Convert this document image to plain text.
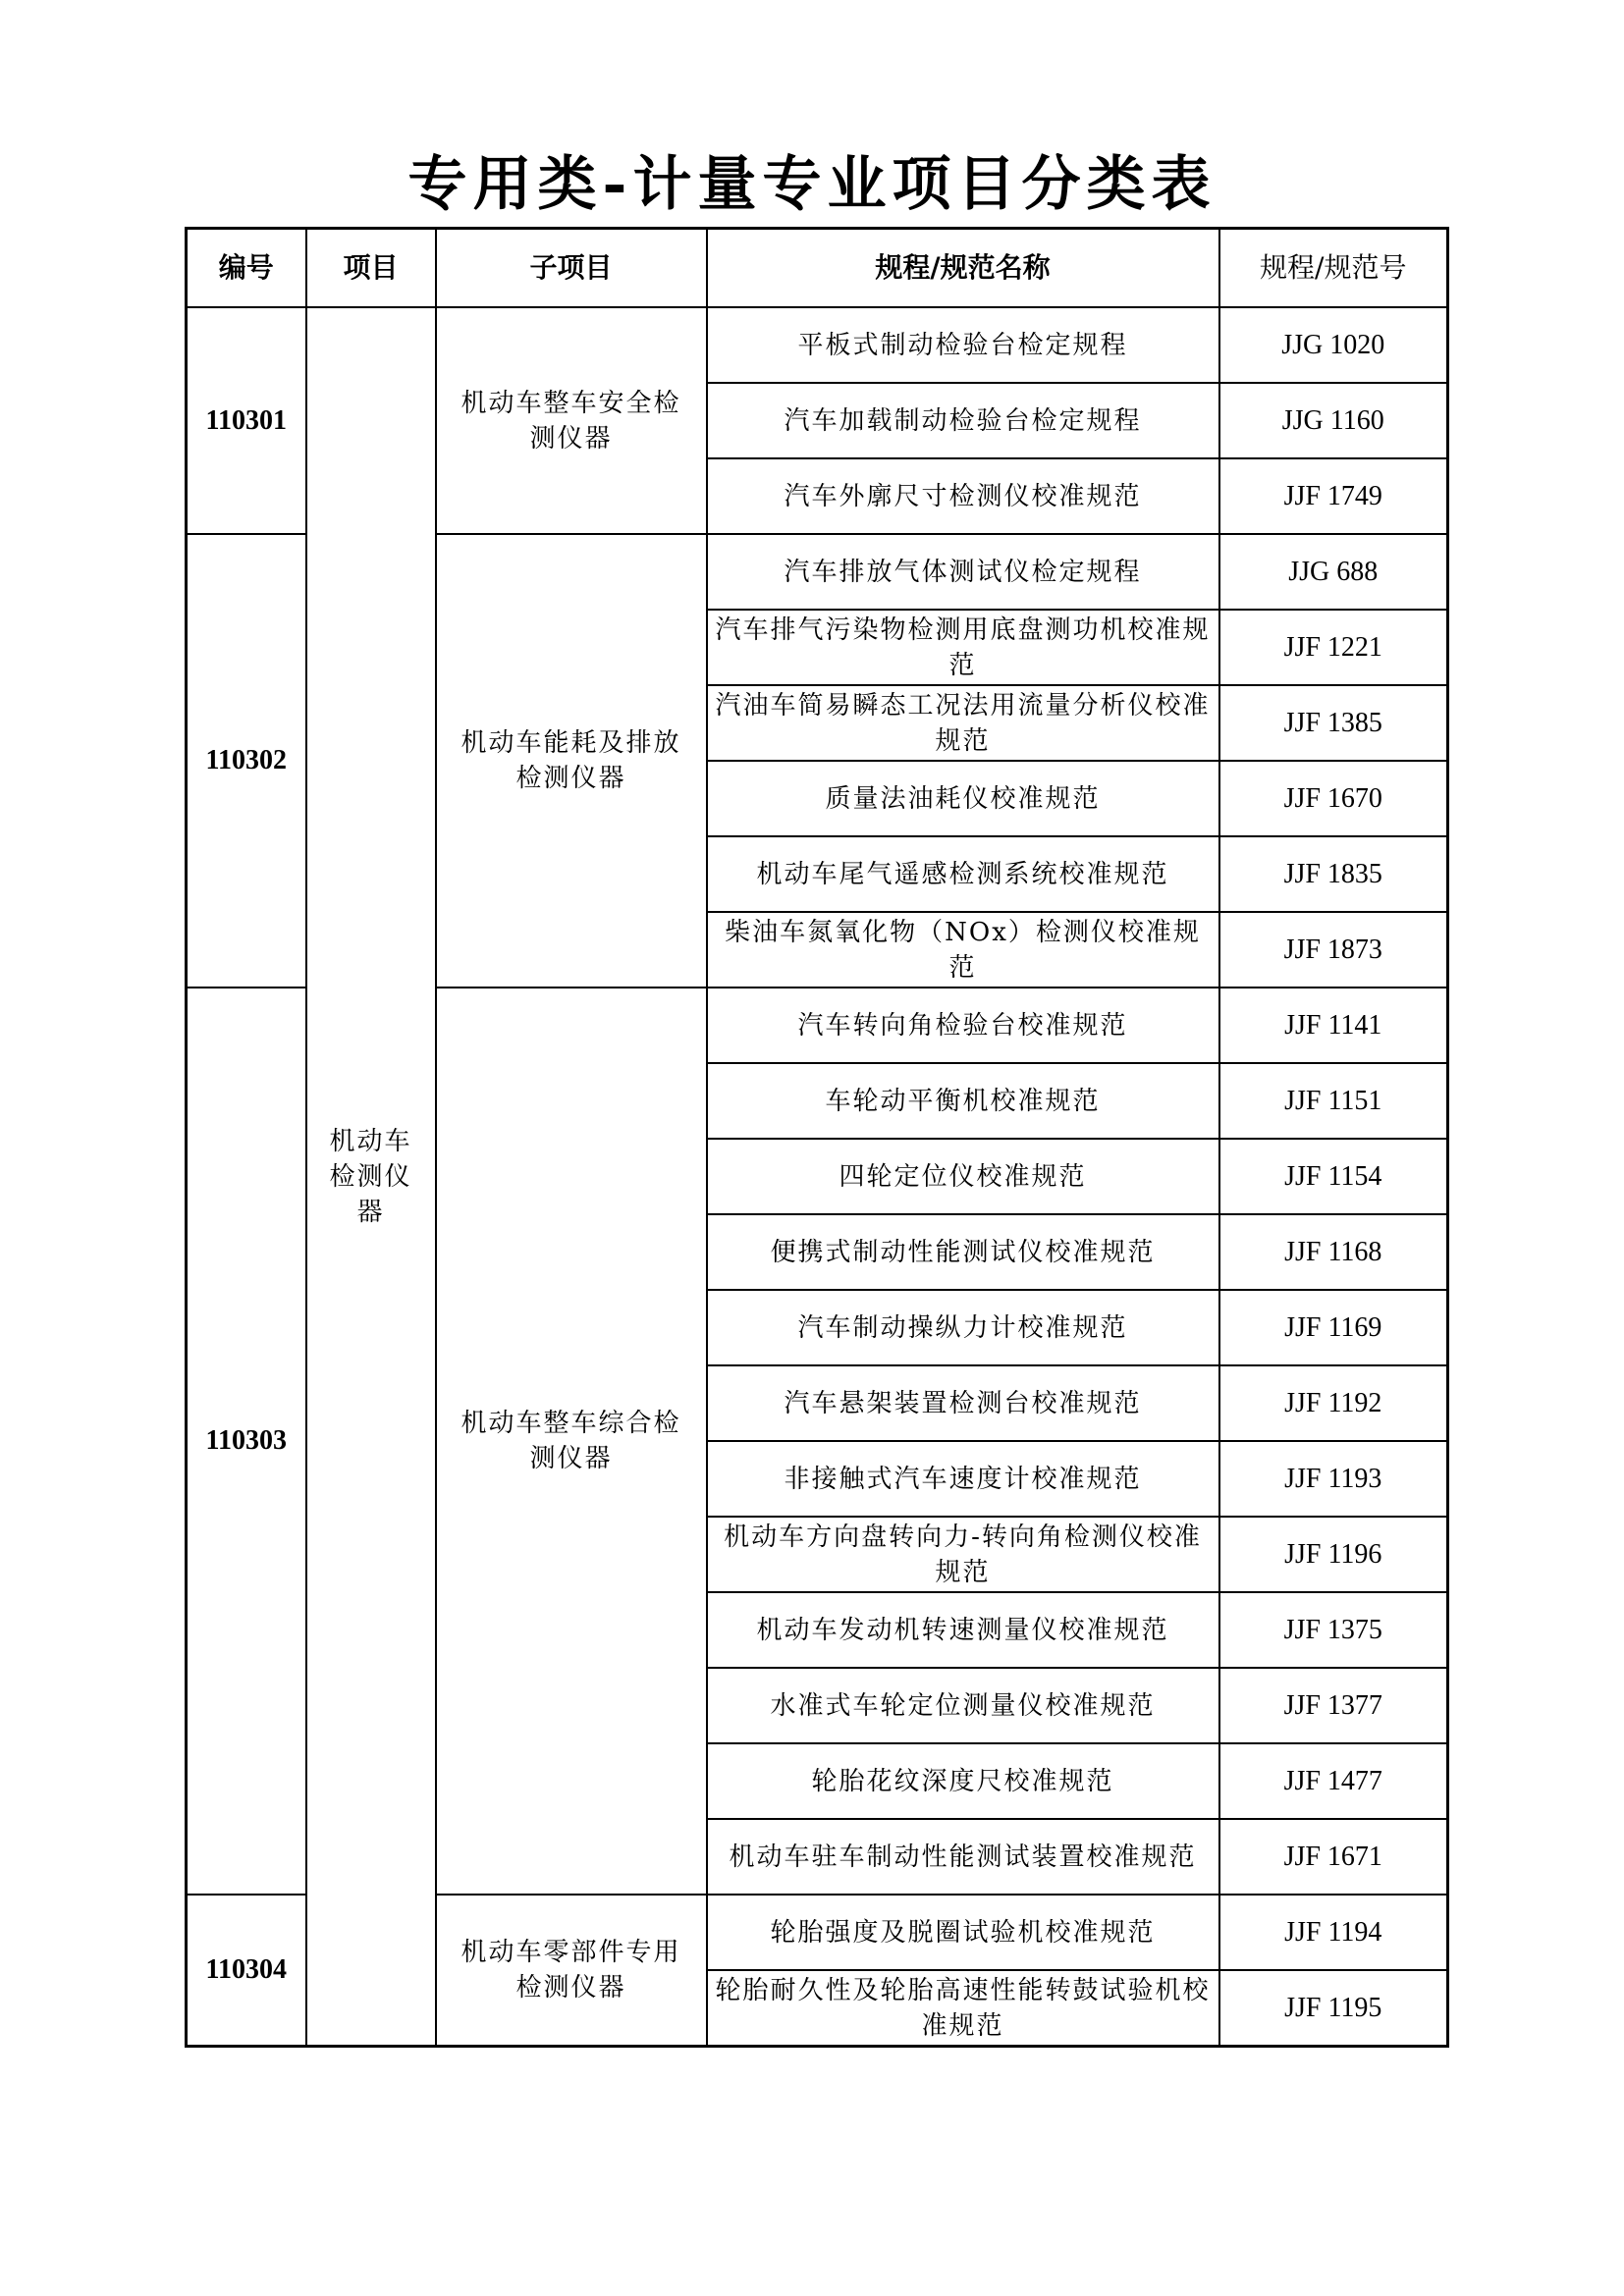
专用类-计量专业项目分类表
编号	项目	子项目	规程/规范名称	规程/规范号
110301	机动车检测仪器	机动车整车安全检测仪器	平板式制动检验台检定规程	JJG 1020
			汽车加载制动检验台检定规程	JJG 1160
			汽车外廓尺寸检测仪校准规范	JJF 1749
110302		机动车能耗及排放检测仪器	汽车排放气体测试仪检定规程	JJG 688
			汽车排气污染物检测用底盘测功机校准规范	JJF 1221
			汽油车简易瞬态工况法用流量分析仪校准规范	JJF 1385
			质量法油耗仪校准规范	JJF 1670
			机动车尾气遥感检测系统校准规范	JJF 1835
			柴油车氮氧化物（NOx）检测仪校准规范	JJF 1873
110303		机动车整车综合检测仪器	汽车转向角检验台校准规范	JJF 1141
			车轮动平衡机校准规范	JJF 1151
			四轮定位仪校准规范	JJF 1154
			便携式制动性能测试仪校准规范	JJF 1168
			汽车制动操纵力计校准规范	JJF 1169
			汽车悬架装置检测台校准规范	JJF 1192
			非接触式汽车速度计校准规范	JJF 1193
			机动车方向盘转向力-转向角检测仪校准规范	JJF 1196
			机动车发动机转速测量仪校准规范	JJF 1375
			水准式车轮定位测量仪校准规范	JJF 1377
			轮胎花纹深度尺校准规范	JJF 1477
			机动车驻车制动性能测试装置校准规范	JJF 1671
110304		机动车零部件专用检测仪器	轮胎强度及脱圈试验机校准规范	JJF 1194
			轮胎耐久性及轮胎高速性能转鼓试验机校准规范	JJF 1195
